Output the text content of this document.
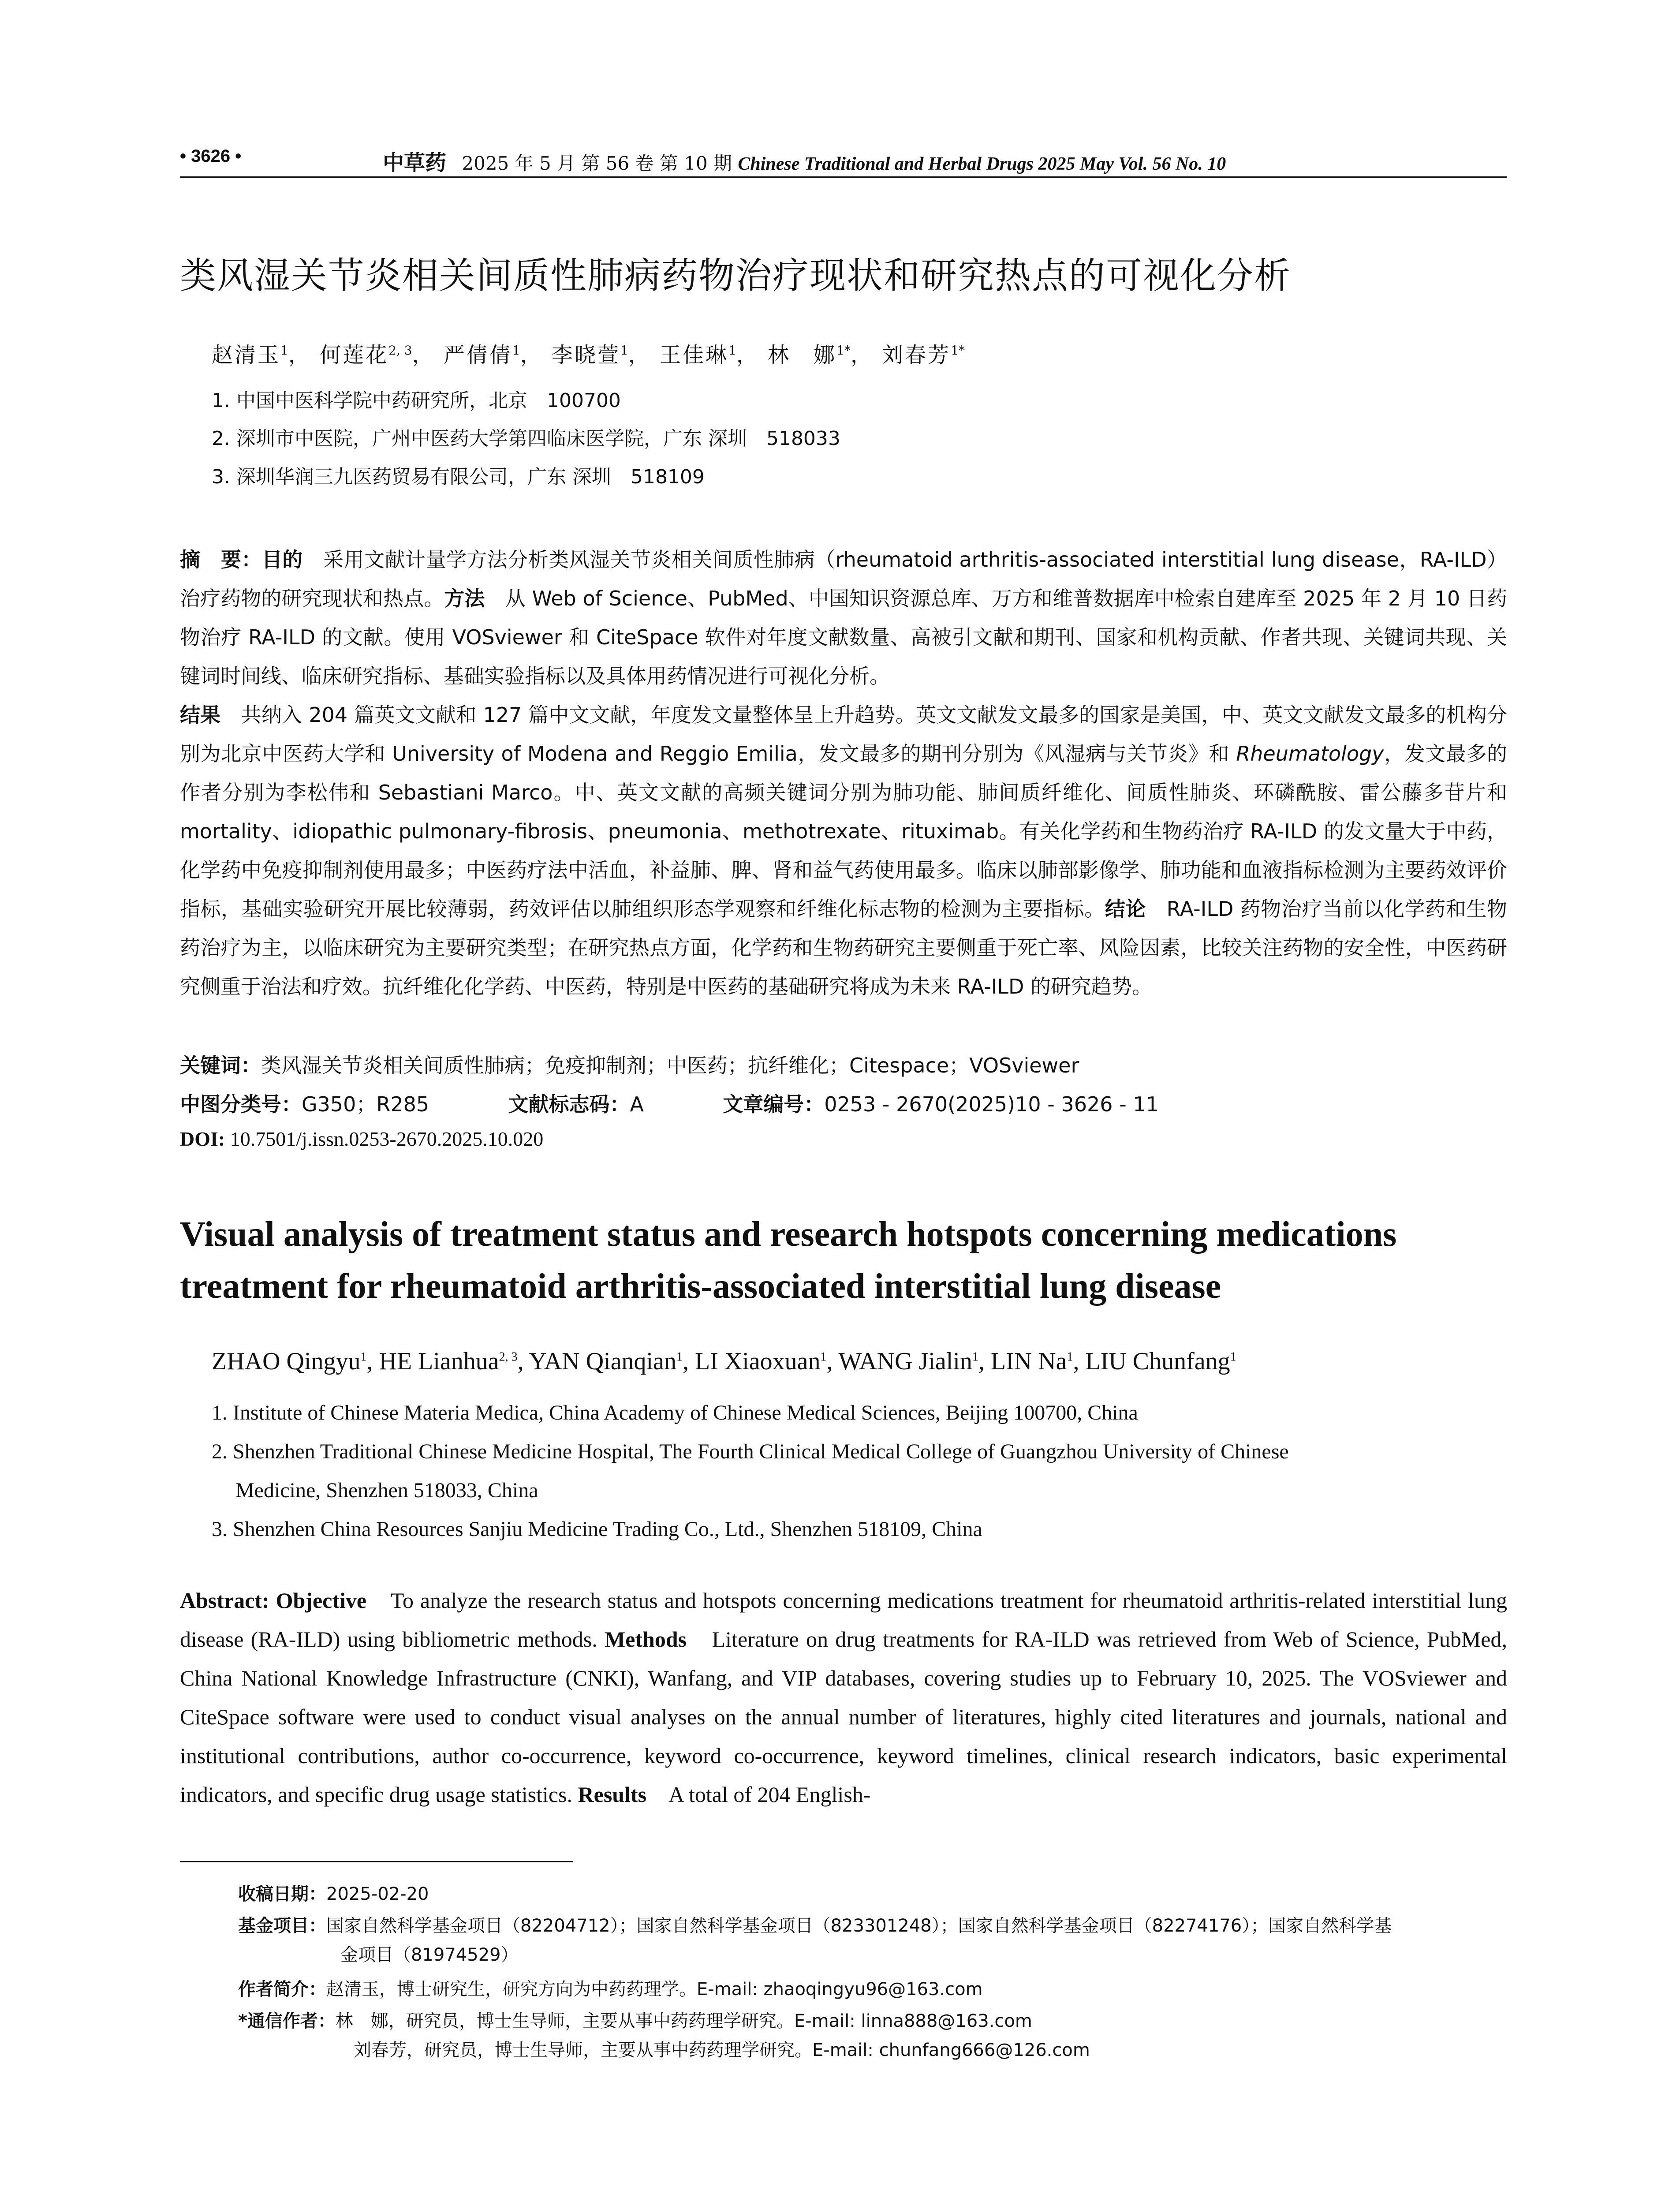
• 3626 •	中草药 2025 年 5 月 第 56 卷 第 10 期 Chinese Traditional and Herbal Drugs 2025 May Vol. 56 No. 10
类风湿关节炎相关间质性肺病药物治疗现状和研究热点的可视化分析
赵清玉$^1$， 何莲花$^{2, 3}$， 严倩倩$^1$， 李晓萱$^1$， 王佳琳$^1$， 林　娜$^{1*}$， 刘春芳$^{1*}$
1. 中国中医科学院中药研究所，北京　100700
2. 深圳市中医院，广州中医药大学第四临床医学院，广东 深圳　518033
3. 深圳华润三九医药贸易有限公司，广东 深圳　518109
摘　要：目的　采用文献计量学方法分析类风湿关节炎相关间质性肺病（rheumatoid arthritis-associated interstitial lung disease，RA-ILD）治疗药物的研究现状和热点。方法　从 Web of Science、PubMed、中国知识资源总库、万方和维普数据库中检索自建库至 2025 年 2 月 10 日药物治疗 RA-ILD 的文献。使用 VOSviewer 和 CiteSpace 软件对年度文献数量、高被引文献和期刊、国家和机构贡献、作者共现、关键词共现、关键词时间线、临床研究指标、基础实验指标以及具体用药情况进行可视化分析。
结果　共纳入 204 篇英文文献和 127 篇中文文献，年度发文量整体呈上升趋势。英文文献发文最多的国家是美国，中、英文文献发文最多的机构分别为北京中医药大学和 University of Modena and Reggio Emilia，发文最多的期刊分别为《风湿病与关节炎》和 Rheumatology，发文最多的作者分别为李松伟和 Sebastiani Marco。中、英文文献的高频关键词分别为肺功能、肺间质纤维化、间质性肺炎、环磷酰胺、雷公藤多苷片和 mortality、idiopathic pulmonary-fibrosis、pneumonia、methotrexate、rituximab。有关化学药和生物药治疗 RA-ILD 的发文量大于中药，化学药中免疫抑制剂使用最多；中医药疗法中活血，补益肺、脾、肾和益气药使用最多。临床以肺部影像学、肺功能和血液指标检测为主要药效评价指标，基础实验研究开展比较薄弱，药效评估以肺组织形态学观察和纤维化标志物的检测为主要指标。结论　RA-ILD 药物治疗当前以化学药和生物药治疗为主，以临床研究为主要研究类型；在研究热点方面，化学药和生物药研究主要侧重于死亡率、风险因素，比较关注药物的安全性，中医药研究侧重于治法和疗效。抗纤维化化学药、中医药，特别是中医药的基础研究将成为未来 RA-ILD 的研究趋势。
关键词：类风湿关节炎相关间质性肺病；免疫抑制剂；中医药；抗纤维化；Citespace；VOSviewer
中图分类号：G350；R285	文献标志码：A	文章编号：0253 - 2670(2025)10 - 3626 - 11
DOI: 10.7501/j.issn.0253-2670.2025.10.020
Visual analysis of treatment status and research hotspots concerning medications treatment for rheumatoid arthritis-associated interstitial lung disease
ZHAO Qingyu$^1$, HE Lianhua$^{2, 3}$, YAN Qianqian$^1$, LI Xiaoxuan$^1$, WANG Jialin$^1$, LIN Na$^1$, LIU Chunfang$^1$
1. Institute of Chinese Materia Medica, China Academy of Chinese Medical Sciences, Beijing 100700, China
2. Shenzhen Traditional Chinese Medicine Hospital, The Fourth Clinical Medical College of Guangzhou University of Chinese
Medicine, Shenzhen 518033, China
3. Shenzhen China Resources Sanjiu Medicine Trading Co., Ltd., Shenzhen 518109, China
Abstract: Objective　To analyze the research status and hotspots concerning medications treatment for rheumatoid arthritis-related interstitial lung disease (RA-ILD) using bibliometric methods. Methods　Literature on drug treatments for RA-ILD was retrieved from Web of Science, PubMed, China National Knowledge Infrastructure (CNKI), Wanfang, and VIP databases, covering studies up to February 10, 2025. The VOSviewer and CiteSpace software were used to conduct visual analyses on the annual number of literatures, highly cited literatures and journals, national and institutional contributions, author co-occurrence, keyword co-occurrence, keyword timelines, clinical research indicators, basic experimental indicators, and specific drug usage statistics. Results　A total of 204 English-
收稿日期：2025-02-20
基金项目：国家自然科学基金项目（82204712）；国家自然科学基金项目（823301248）；国家自然科学基金项目（82274176）；国家自然科学基
金项目（81974529）
作者简介：赵清玉，博士研究生，研究方向为中药药理学。E-mail: zhaoqingyu96@163.com
*通信作者：林　娜，研究员，博士生导师，主要从事中药药理学研究。E-mail: linna888@163.com
刘春芳，研究员，博士生导师，主要从事中药药理学研究。E-mail: chunfang666@126.com
